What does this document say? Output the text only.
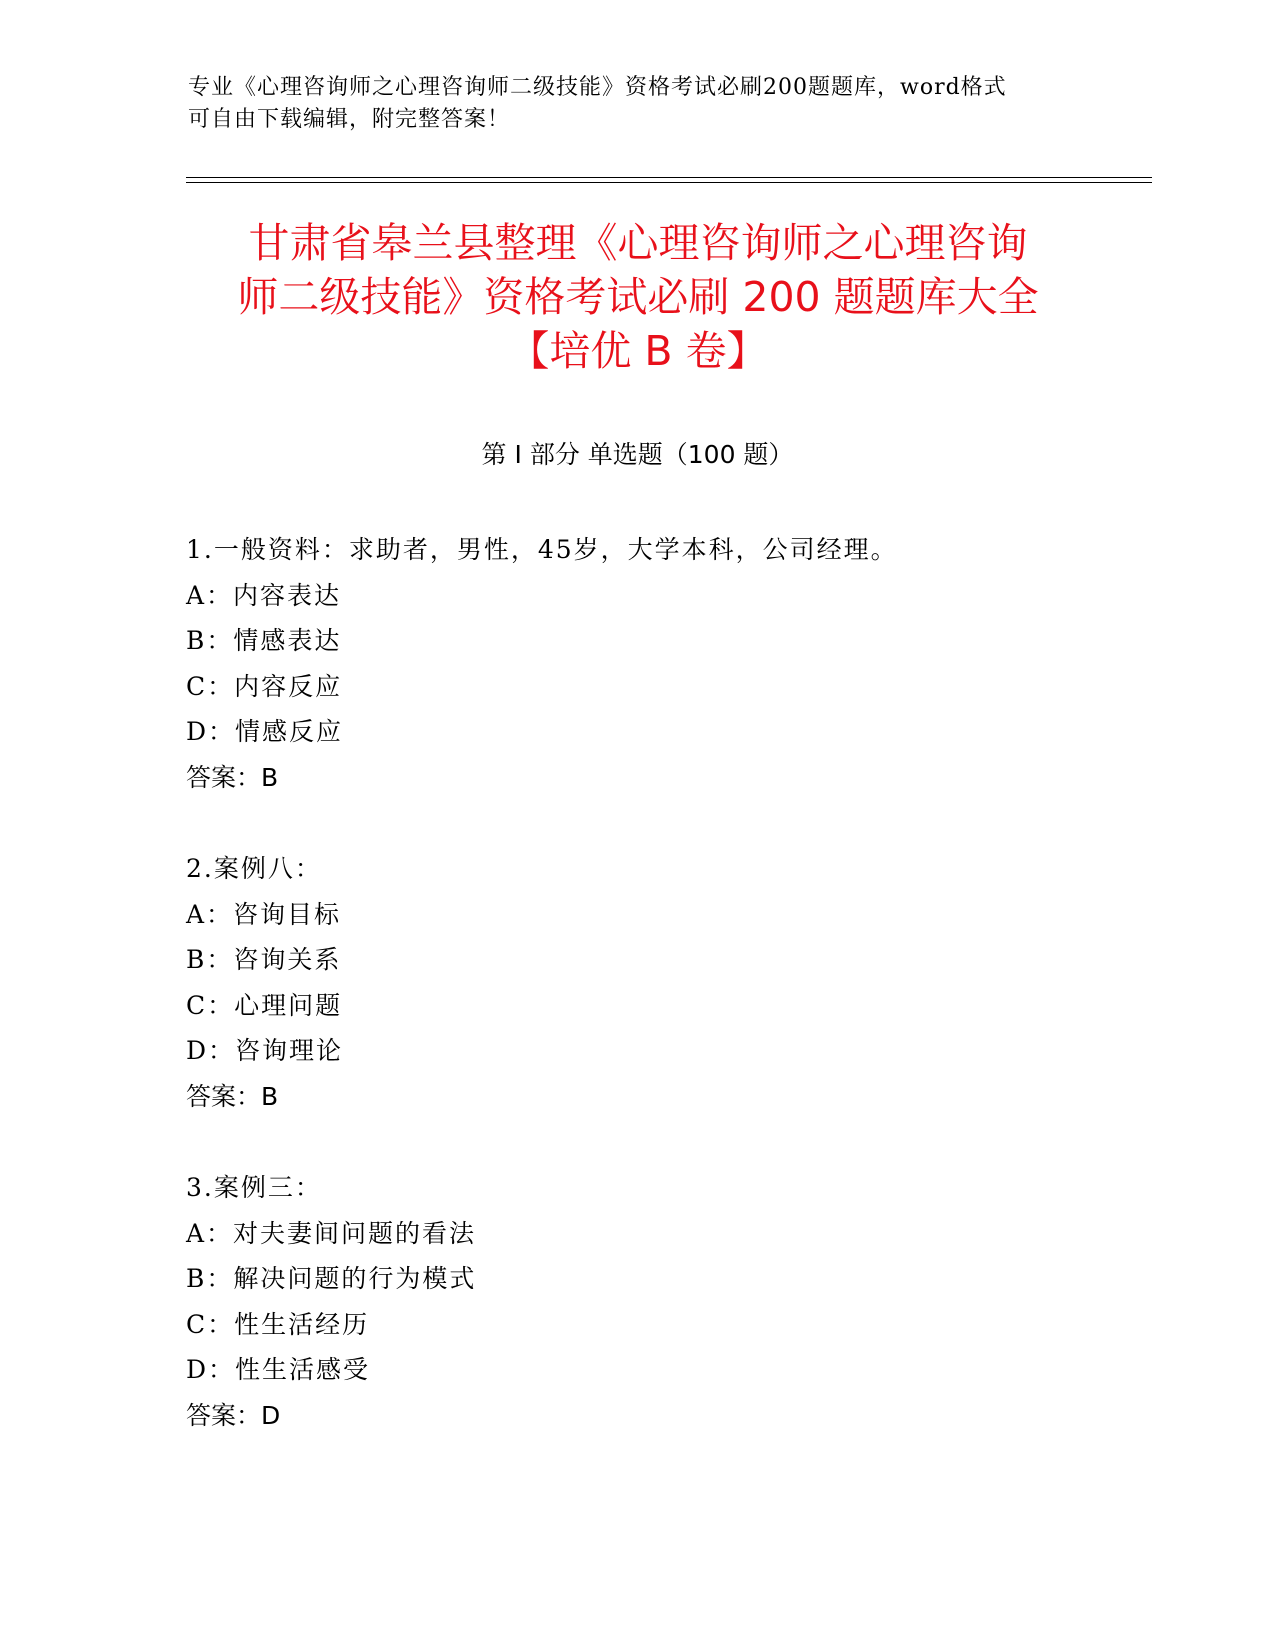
专业《心理咨询师之心理咨询师二级技能》资格考试必刷200题题库，word格式
可自由下载编辑，附完整答案！
甘肃省皋兰县整理《心理咨询师之心理咨询
师二级技能》资格考试必刷 200 题题库大全
【培优 B 卷】
第 I 部分 单选题（100 题）
1.一般资料：求助者，男性，45岁，大学本科，公司经理。
A：内容表达
B：情感表达
C：内容反应
D：情感反应
答案：B
2.案例八：
A：咨询目标
B：咨询关系
C：心理问题
D：咨询理论
答案：B
3.案例三：
A：对夫妻间问题的看法
B：解决问题的行为模式
C：性生活经历
D：性生活感受
答案：D
